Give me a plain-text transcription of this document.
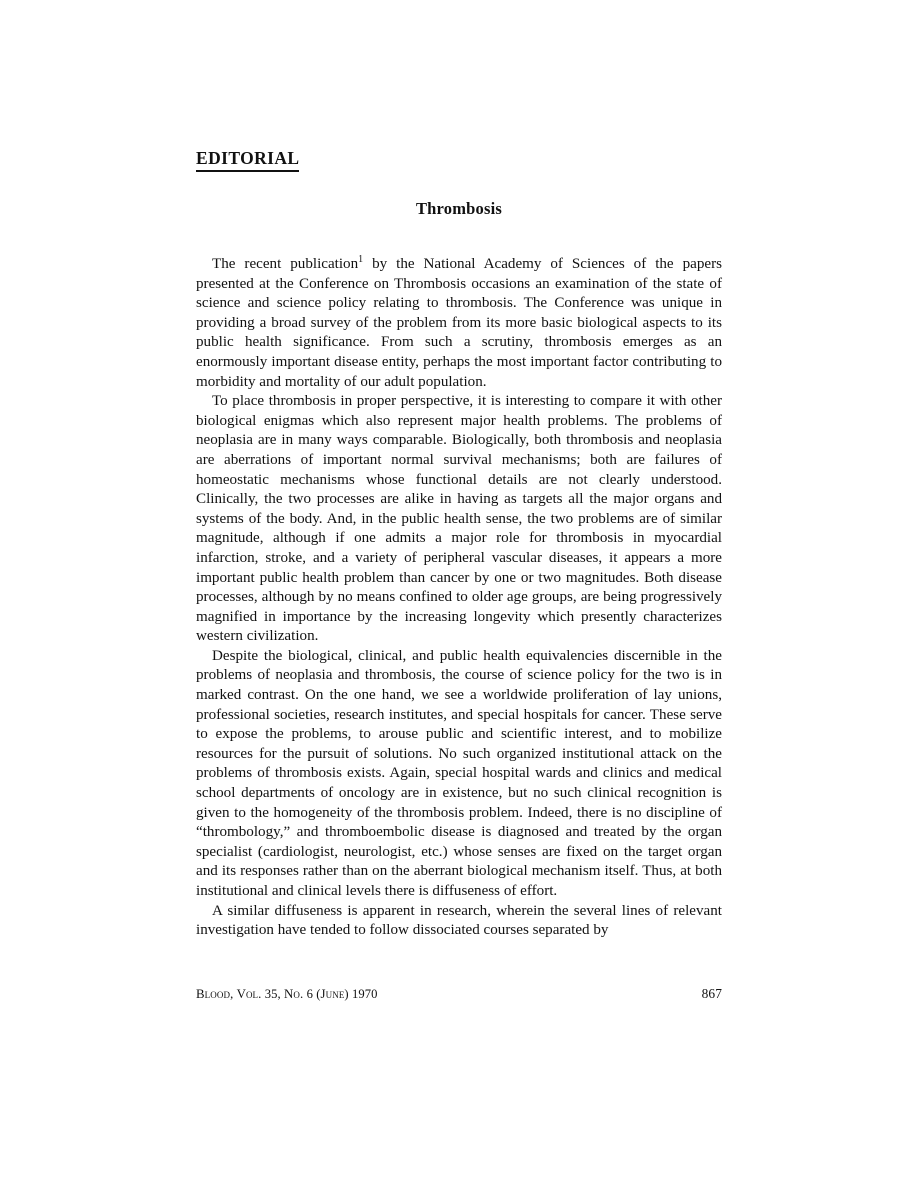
EDITORIAL
Thrombosis

The recent publication$^1$ by the National Academy of Sciences of the papers presented at the Conference on Thrombosis occasions an examination of the state of science and science policy relating to thrombosis. The Conference was unique in providing a broad survey of the problem from its more basic biological aspects to its public health significance. From such a scrutiny, thrombosis emerges as an enormously important disease entity, perhaps the most important factor contributing to morbidity and mortality of our adult population.

To place thrombosis in proper perspective, it is interesting to compare it with other biological enigmas which also represent major health problems. The problems of neoplasia are in many ways comparable. Biologically, both thrombosis and neoplasia are aberrations of important normal survival mechanisms; both are failures of homeostatic mechanisms whose functional details are not clearly understood. Clinically, the two processes are alike in having as targets all the major organs and systems of the body. And, in the public health sense, the two problems are of similar magnitude, although if one admits a major role for thrombosis in myocardial infarction, stroke, and a variety of peripheral vascular diseases, it appears a more important public health problem than cancer by one or two magnitudes. Both disease processes, although by no means confined to older age groups, are being progressively magnified in importance by the increasing longevity which presently characterizes western civilization.

Despite the biological, clinical, and public health equivalencies discernible in the problems of neoplasia and thrombosis, the course of science policy for the two is in marked contrast. On the one hand, we see a worldwide proliferation of lay unions, professional societies, research institutes, and special hospitals for cancer. These serve to expose the problems, to arouse public and scientific interest, and to mobilize resources for the pursuit of solutions. No such organized institutional attack on the problems of thrombosis exists. Again, special hospital wards and clinics and medical school departments of oncology are in existence, but no such clinical recognition is given to the homogeneity of the thrombosis problem. Indeed, there is no discipline of “thrombology,” and thromboembolic disease is diagnosed and treated by the organ specialist (cardiologist, neurologist, etc.) whose senses are fixed on the target organ and its responses rather than on the aberrant biological mechanism itself. Thus, at both institutional and clinical levels there is diffuseness of effort.

A similar diffuseness is apparent in research, wherein the several lines of relevant investigation have tended to follow dissociated courses separated by

Blood, Vol. 35, No. 6 (June) 1970	867
